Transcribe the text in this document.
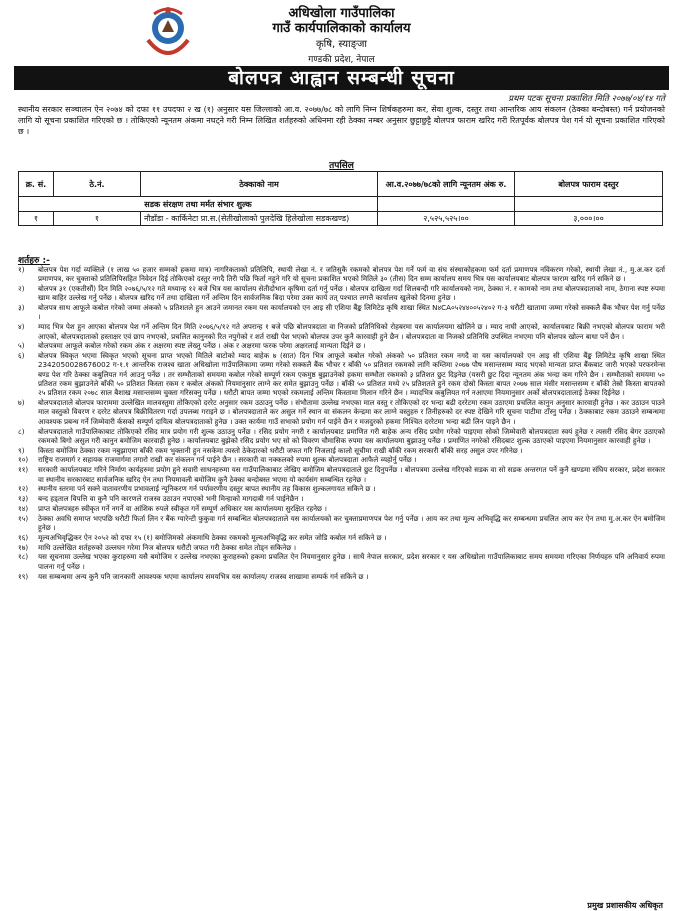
अधिखोला गाउँपालिका
गाउँ कार्यपालिकाको कार्यालय
कृषि, स्याङ्जा
गण्डकी प्रदेश, नेपाल
बोलपत्र आह्वान सम्बन्धी सूचना
प्रथम पटक सूचना प्रकाशित मिति २०७७/०४/१४ गते
स्थानीय सरकार सञ्चालन ऐन २०७४ को दफा ११ उपदफा २ ख (१) अनुसार यस जिल्लाको आ.व. २०७७/७८ को लागि निम्न शिर्षकहरुमा कर, सेवा शुल्क, दस्तुर तथा आन्तरिक आय संकलन (ठेक्का बन्दोबस्त) गर्न प्रयोजनको लागि यो सूचना प्रकाशित गरिएको छ । तोकिएको न्यूनतम अंकमा नघट्ने गरी निम्न लिखित शर्तहरुको अधिनमा रही ठेक्का नम्बर अनुसार छुट्टाछुट्टै बोलपत्र फाराम खरिद गरी रितपूर्वक बोलपत्र पेश गर्न यो सूचना प्रकाशित गरिएको छ ।
तपसिल
क्र. सं.	ठे.नं.	ठेक्काको नाम	आ.व.२०७७/७८को लागि न्यूनतम अंक रु.	बोलपत्र फाराम दस्तुर
सडक संरक्षण तथा मर्मत संभार शुल्क				
१	१	नौडाँडा - कार्किनेटा प्रा.स.(सेतीखोलाको पुलदेखि हिलेखोला सडकखण्ड)	२,५२५,५२५।००	३,०००।००
शर्तहरु :-
१)	बोलपत्र पेश गर्दा व्यक्तिले (१ लाख ५० हजार सम्मको हकमा मात्र) नागरिकताको प्रतिलिपि, स्थायी लेखा नं. र जतिसुकै रकमको बोलपत्र पेश गर्ने फर्म वा संघ संस्थाकोहकमा फर्म दर्ता प्रमाणपत्र नविकरण गरेको, स्थायी लेखा नं., मु.अ.कर दर्ता प्रमाणपत्र, कर चुक्ताको प्रतिलिपिसहित निवेदन दिई तोकिएको दस्तुर नगदै तिरी पछि फिर्ता नहुने गरि यो सूचना प्रकाशित भएको मितिले ३० (तीस) दिन सम्म कार्यालय समय भित्र यस कार्यालयबाट बोलपत्र फाराम खरिद गर्न सकिने छ ।
२)	बोलपत्र ३१ (एकतीसौं) दिन मिति २०७६/५/१२ गते मध्यान्ह १२ बजे भित्र यस कार्यालय सेतीदोभान कृषिमा दर्ता गर्नु पर्नेछ । बोलपत्र दाखिला गर्दा शिलबन्दी गरि कार्यालयको नाम, ठेक्का नं. र कामको नाम तथा बोलपत्रदाताको नाम, ठेगाना स्पष्ट रुपमा खाम बाहिर उल्लेख गर्नु पर्नेछ । बोलपत्र खरिद गर्ने तथा दाखिला गर्ने अन्तिम दिन सार्वजनिक बिदा परेमा उक्त कार्य तत् पश्चात लगत्तै कार्यालय खुलेको दिनमा हुनेछ ।
३)	बोलपत्र साथ आफूले कबोल गरेको जम्मा अंकको ५ प्रतिशतले हुन आउने जमानत रकम यस कार्यालयको एन आइ सी एशिया बैंङ्क लिमिटेड कृषि शाखा स्थित N४CA०५२४४००५२४०२ ग-३ धरौटी खातामा जम्मा गरेको सक्कलै बैंक भौचर पेश गर्नु पर्नेछ ।
४)	म्याद भित्र पेश हुन आएका बोलपत्र पेश गर्ने अन्तिम दिन मिति २०७६/५/१२ गते अपरान्ह १ बजे पछि बोलपत्रदाता वा निजको प्रतिनिधिको रोहबरमा यस कार्यालयमा खोलिने छ । म्याद नाघी आएको, कार्यालयबाट बिक्री नभएको बोलपत्र फाराम भरी आएको, बोलपत्रदाताको हस्ताक्षर एवं छाप नभएको, प्रचलित कानुनको रित नपुगेको र शर्त राखी पेश भएको बोलपत्र उपर कुनै कारवाही हुने छैन । बोलपत्रदाता वा निजको प्रतिनिधि उपस्थित नभएमा पनि बोलपत्र खोल्न बाधा पर्ने छैन ।
५)	बोलपत्रमा आफूले कबोल गरेको रकम अंक र अक्षरमा स्पष्ट लेख्नु पर्नेछ । अंक र अक्षरमा फरक परेमा अक्षरलाई मान्यता दिईने छ ।
६)	बोलपत्र स्विकृत भएमा स्विकृत भएको सूचना प्राप्त भएको मितिले बाटोको म्याद बाहेक ७ (सात) दिन भित्र आफूले कबोल गरेको अंकको ५० प्रतिशत रकम नगदै वा यस कार्यालयको एन आइ सी एशिया बैंङ्क लिमिटेड कृषि शाखा स्थित 2342050028676002 ग-१.१ आन्तरिक राजश्व खाता अधिखोला गाउँपालिकामा जम्मा गरेको सक्कलै बैंक भौचर र बाँकी ५० प्रतिशत रकमको लागि कम्तिमा २०७७ पौष मसान्तसम्म म्याद भएको मान्यता प्राप्त बैंकबाट जारी भएको परफरमेन्स बण्ड पेश गरि ठेक्का कबुलियत गर्न आउनु पर्नेछ । तर सम्भौताको समयमा कबोल गरेको सम्पूर्ण रकम एकमुष्ठ बुझाउनेको हकमा सम्भौता रकमको ३ प्रतिशत छुट दिइनेछ (यसरी छुट दिदा न्यूनतम अंक भन्दा कम गरिने छैन । सम्भौताको समयमा ५० प्रतिशत रकम बुझाउनेले बाँकी ५० प्रतिशत किस्ता रकम र कबोल अंकको नियमानुसार लाग्ने कर समेत बुझाउनु पर्नेछ । बाँकी ५० प्रतिशत मध्ये २५ प्रतिशतले हुने रकम दोस्रो किस्ता बापत २०७७ साल मंसीर मसान्तसम्म र बाँकी तेस्रो किस्ता बापतको २५ प्रतिशत रकम २०७८ साल बैशाख मसान्तसम्म चुक्ता गरिसक्नु पर्नेछ । धरौटी बापत जम्मा भएको रकमलाई अन्तिम किस्तामा मिलान गरिने छैन । म्यादभित्र कबुलियत गर्न नआएमा नियमानुसार अर्को बोलपत्रदातालाई ठेक्का दिईनेछ ।
७)	बोलपत्रदाताले बोलपत्र फाराममा उल्लेखित मालवस्तुमा तोकिएको दररेट अनुसार रकम उठाउनु पर्नेछ । संभौतामा उल्लेख नभएका माल वस्तु र तोकिएको दर भन्दा बढी दररेटमा रकम उठाएमा प्रचलित कानुन अनुसार कारवाही हुनेछ । कर उठाउन पाउने माल वस्तुको विवरण र दररेट बोलपत्र बिक्रीवितरण गर्दा उपलब्ध गराइने छ । बोलपत्रदाताले कर असुल गर्ने स्थान वा संकलन केन्द्रमा कर लाग्ने वस्तुहरु र तिनीहरुको दर स्पष्ट देखिने गरि सूचना पाटीमा टाँस्नु पर्नेछ । ठेक्काबाट रकम उठाउने सम्बन्धमा आवश्यक प्रबन्ध गर्ने जिम्मेवारी र्कसको सम्पूर्ण दायित्व बोलपत्रदाताको हुनेछ । उक्त कार्यमा गाउँ सभाको प्रयोग गर्न पाईने छैन र मजदुरको हकमा निश्चित दररेटमा भन्दा बढी लिन पाइने छैन ।
८)	बोलपत्रदाताले गाउँपालिकाबाट तोकिएको रसिद मात्र प्रयोग गरी शुल्क उठाउनु पर्नेछ । रसिद प्रयोग नगरी र कार्यालयबाट प्रमाणित गरी बाहेक अन्य रसिद प्रयोग गरेको पाइएमा सोको जिम्मेवारी बोलपत्रदाता स्वयं हुनेछ र त्यसरी रसिद बेगर उठाएको रकमको बिगो असुल गरी कानुन बमोजिम कारवाही हुनेछ । कार्यालयबाट बुझेको रसिद प्रयोग भए सो को विवरण चौमासिक रुपमा यस कार्यालयमा बुझाउनु पर्नेछ । प्रमाणित नगरेको रसिदबाट शुल्क उठाएको पाइएमा नियमानुसार कारवाही हुनेछ ।
९)	किस्ता बमोजिम ठेक्का रकम नबुझाएमा बाँकी रकम भुक्तानी हुन नसकेमा त्यस्तो ठेकेदारको धरौटी जफत गरि निजलाई कालो सूचीमा राखी बाँकी रकम सरकारी बाँकी सरह असुल उपर गरिनेछ ।
१०)	राष्ट्रिय राजमार्ग र सहायक राजमार्गमा तगारो राखी कर संकलन गर्न पाईने छैन । सरकारी वा नक्कलको रुपमा शुल्क बोलपत्रदाता आफैले व्यहोर्नु पर्नेछ ।
११)	सरकारी कार्यालयबाट गरिने निर्माण कार्यहरुमा प्रयोग हुने सवारी साधनहरुमा यस गाउँपालिकाबाट लेखिए बमोजिम बोलपत्रदाताले छुट दिनुपर्नेछ । बोलपत्रमा उल्लेख गरिएको सडक वा सो सडक अन्तरगत पर्ने कुनै खण्डमा संघिय सरकार, प्रदेश सरकार वा स्थानीय सरकारबाट सार्वजनिक खरिद ऐन तथा नियमावली बमोजिम कुनै ठेक्का बन्दोबस्त भएमा यो कार्यसंग सम्बन्धित रहनेछ ।
१२)	स्थानीय स्तरमा पर्न सक्ने वातावरणीय प्रभावलाई न्यूनिकरण गर्न पर्यावरणीय दस्तुर बापत स्थानीय तह विकास शुल्कलगायत सकिने छ ।
१३)	बन्द हड्ताल विपत्ति वा कुनै पनि कारणले राजस्व उठाउन नपाएको भनी मिन्हाको मागदाबी गर्न पाईनेछैन ।
१४)	प्राप्त बोलपत्रहरु स्वीकृत गर्ने नगर्ने वा आंशिक रुपले स्वीकृत गर्ने सम्पूर्ण अधिकार यस कार्यालयमा सुरक्षित रहनेछ ।
१५)	ठेक्का अवधि समाप्त भएपछि धरौटी फिर्ता लिन र बैंक ग्यारेन्टी फुकुवा गर्न सम्बन्धित बोलपत्रदाताले यस कार्यालयको कर चुक्ताप्रमाणपत्र पेश गर्नु पर्नेछ । आय कर तथा मूल्य अभिवृद्धि कर सम्बन्धमा प्रचलित आय कर ऐन तथा मु.अ.कर ऐन बमोजिम हुनेछ ।
१६)	मूल्यअभिवृद्धिकर ऐन २०५२ को दफा १५ (१) बमोजिमको अंकमाथि ठेक्का रकमको मूल्यअभिवृद्धि कर समेत जोडि कबोल गर्न सकिने छ ।
१७)	माथि उल्लेखित शर्तहरुको उल्लघन गरेमा निज बोलपत्र धरौटी जफत गरी ठेक्का समेत तोड्न सकिनेछ ।
१८)	यस सूचनामा उल्लेख भएका कुराहरुमा यसै बमोजिम र उल्लेख नभएका कुराहरुको हकमा प्रचलित ऐन नियमानुसार हुनेछ । साथै नेपाल सरकार, प्रदेश सरकार र यस अधिखोला गाउँपालिकाबाट समय समयमा गरिएका निर्णयहरु पनि अनिवार्य रुपमा पालना गर्नु पर्नेछ ।
१९)	यस सम्बन्धमा अन्य कुनै पनि जानकारी आवश्यक भएमा कार्यालय समयभित्र यस कार्यालय/ राजस्व शाखामा सम्पर्क गर्न सकिने छ ।
प्रमुख प्रशासकीय अधिकृत
